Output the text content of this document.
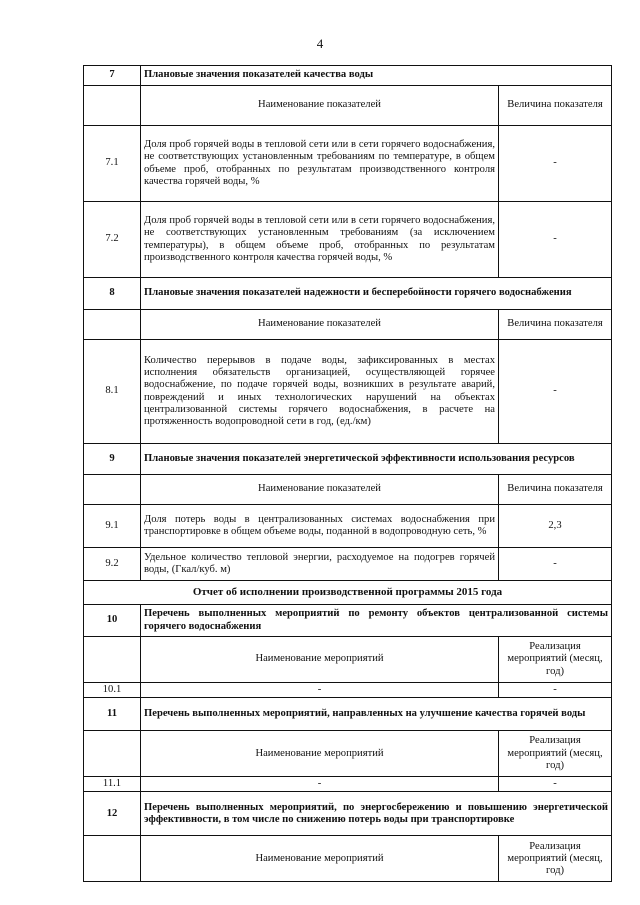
4
7	Плановые значения показателей качества воды	
	Наименование показателей	Величина показателя
7.1	Доля проб горячей воды в тепловой сети или в сети горячего водоснабжения, не соответствующих установленным требованиям по температуре, в общем объеме проб, отобранных по результатам производственного контроля качества горячей воды, %	-
7.2	Доля проб горячей воды в тепловой сети или в сети горячего водоснабжения, не соответствующих установленным требованиям (за исключением температуры), в общем объеме проб, отобранных по результатам производственного контроля качества горячей воды, %	-
8	Плановые значения показателей надежности и бесперебойности горячего водоснабжения	
	Наименование показателей	Величина показателя
8.1	Количество перерывов в подаче воды, зафиксированных в местах исполнения обязательств организацией, осуществляющей горячее водоснабжение, по подаче горячей воды, возникших в результате аварий, повреждений и иных технологических нарушений на объектах централизованной системы горячего водоснабжения, в расчете на протяженность водопроводной сети в год, (ед./км)	-
9	Плановые значения показателей энергетической эффективности использования ресурсов	
	Наименование показателей	Величина показателя
9.1	Доля потерь воды в централизованных системах водоснабжения при транспортировке в общем объеме воды, поданной в водопроводную сеть, %	2,3
9.2	Удельное количество тепловой энергии, расходуемое на подогрев горячей воды, (Гкал/куб. м)	-
Отчет об исполнении производственной программы 2015 года		
10	Перечень выполненных мероприятий по ремонту объектов централизованной системы горячего водоснабжения	
	Наименование мероприятий	Реализация мероприятий (месяц, год)
10.1	-	-
11	Перечень выполненных мероприятий, направленных на улучшение качества горячей воды	
	Наименование мероприятий	Реализация мероприятий (месяц, год)
11.1	-	-
12	Перечень выполненных мероприятий, по энергосбережению и повышению энергетической эффективности, в том числе по снижению потерь воды при транспортировке	
	Наименование мероприятий	Реализация мероприятий (месяц, год)
